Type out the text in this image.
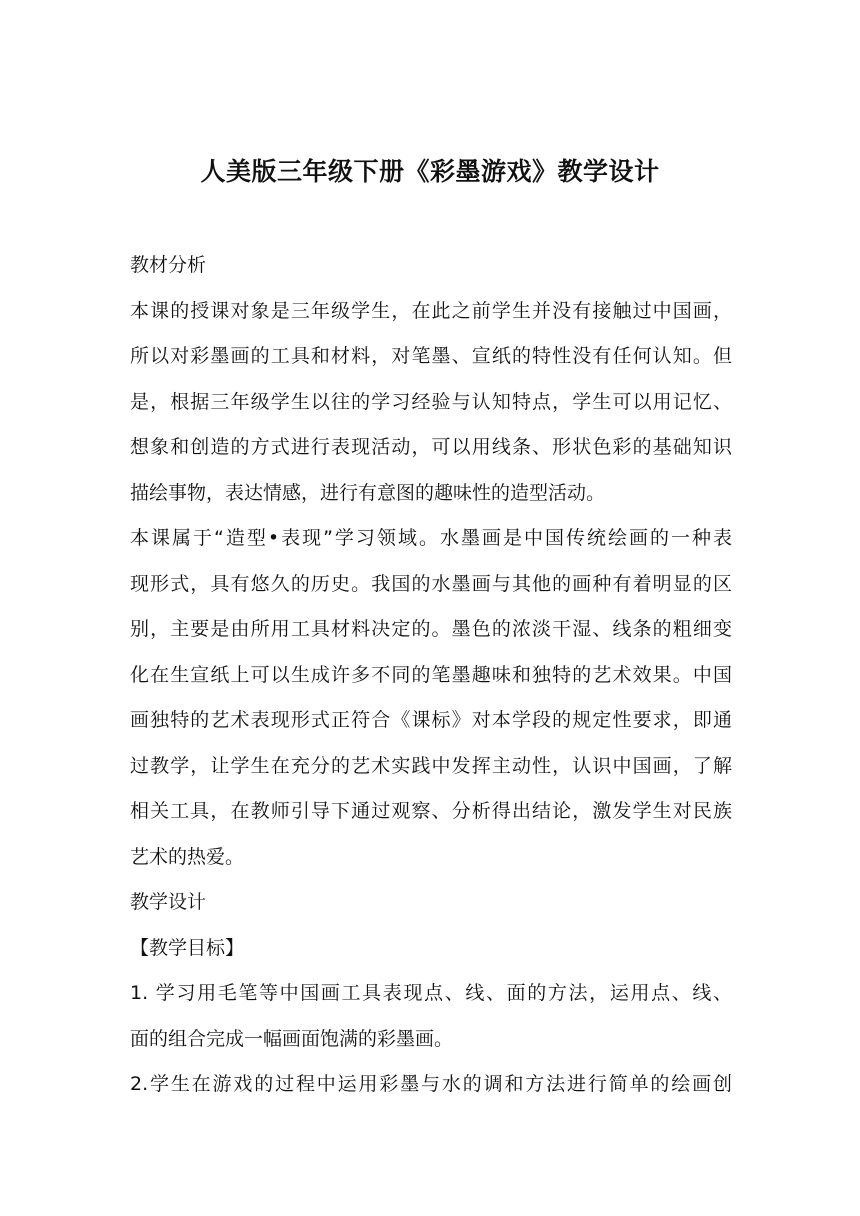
人美版三年级下册《彩墨游戏》教学设计
教材分析
本课的授课对象是三年级学生，在此之前学生并没有接触过中国画，
所以对彩墨画的工具和材料，对笔墨、宣纸的特性没有任何认知。但
是，根据三年级学生以往的学习经验与认知特点，学生可以用记忆、
想象和创造的方式进行表现活动，可以用线条、形状色彩的基础知识
描绘事物，表达情感，进行有意图的趣味性的造型活动。
本课属于“造型•表现”学习领域。水墨画是中国传统绘画的一种表
现形式，具有悠久的历史。我国的水墨画与其他的画种有着明显的区
别，主要是由所用工具材料决定的。墨色的浓淡干湿、线条的粗细变
化在生宣纸上可以生成许多不同的笔墨趣味和独特的艺术效果。中国
画独特的艺术表现形式正符合《课标》对本学段的规定性要求，即通
过教学，让学生在充分的艺术实践中发挥主动性，认识中国画，了解
相关工具，在教师引导下通过观察、分析得出结论，激发学生对民族
艺术的热爱。
教学设计
【教学目标】
1. 学习用毛笔等中国画工具表现点、线、面的方法，运用点、线、
面的组合完成一幅画面饱满的彩墨画。
2.学生在游戏的过程中运用彩墨与水的调和方法进行简单的绘画创
